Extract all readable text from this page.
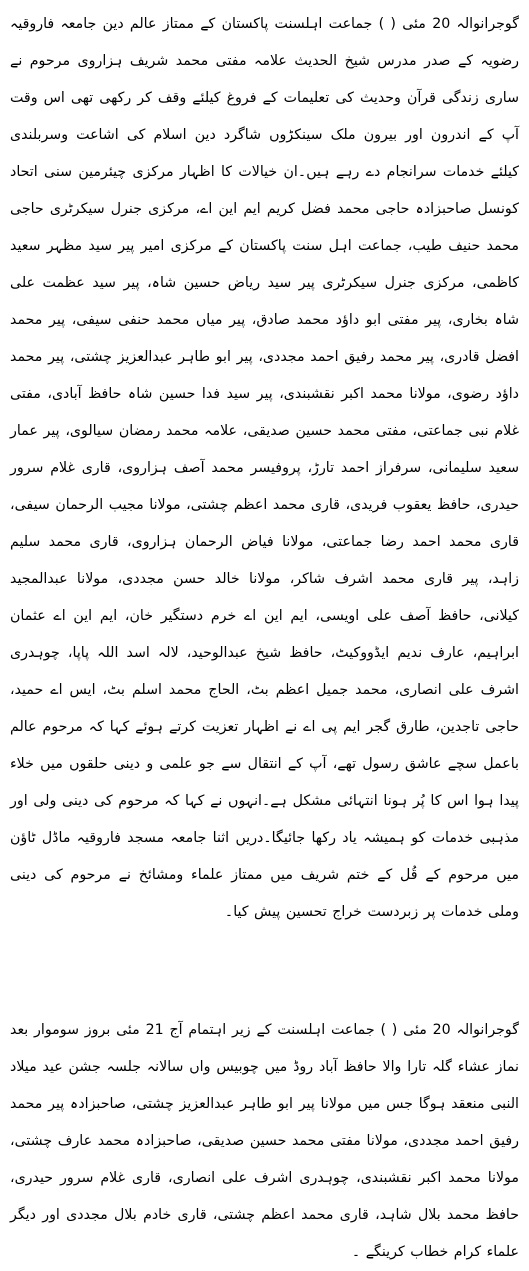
گوجرانوالہ 20 مئی ( ) جماعت اہلسنت پاکستان کے ممتاز عالم دین جامعہ فاروقیہ رضویہ کے صدر مدرس شیخ الحدیث علامہ مفتی محمد شریف ہزاروی مرحوم نے ساری زندگی قرآن وحدیث کی تعلیمات کے فروغ کیلئے وقف کر رکھی تھی اس وقت آپ کے اندرون اور بیرون ملک سینکڑوں شاگرد دین اسلام کی اشاعت وسربلندی کیلئے خدمات سرانجام دے رہے ہیں۔ان خیالات کا اظہار مرکزی چیئرمین سنی اتحاد کونسل صاحبزادہ حاجی محمد فضل کریم ایم این اے، مرکزی جنرل سیکرٹری حاجی محمد حنیف طیب، جماعت اہل سنت پاکستان کے مرکزی امیر پیر سید مظہر سعید کاظمی، مرکزی جنرل سیکرٹری پیر سید ریاض حسین شاہ، پیر سید عظمت علی شاہ بخاری، پیر مفتی ابو داؤد محمد صادق، پیر میاں محمد حنفی سیفی، پیر محمد افضل قادری، پیر محمد رفیق احمد مجددی، پیر ابو طاہر عبدالعزیز چشتی، پیر محمد داؤد رضوی، مولانا محمد اکبر نقشبندی، پیر سید فدا حسین شاہ حافظ آبادی، مفتی غلام نبی جماعتی، مفتی محمد حسین صدیقی، علامہ محمد رمضان سیالوی، پیر عمار سعید سلیمانی، سرفراز احمد تارڑ، پروفیسر محمد آصف ہزاروی، قاری غلام سرور حیدری، حافظ یعقوب فریدی، قاری محمد اعظم چشتی، مولانا مجیب الرحمان سیفی، قاری محمد احمد رضا جماعتی، مولانا فیاض الرحمان ہزاروی، قاری محمد سلیم زاہد، پیر قاری محمد اشرف شاکر، مولانا خالد حسن مجددی، مولانا عبدالمجید کیلانی، حافظ آصف علی اویسی، ایم این اے خرم دستگیر خان، ایم این اے عثمان ابراہیم، عارف ندیم ایڈووکیٹ، حافظ شیخ عبدالوحید، لالہ اسد اللہ پاپا، چوہدری اشرف علی انصاری، محمد جمیل اعظم بٹ، الحاج محمد اسلم بٹ، ایس اے حمید، حاجی تاجدین، طارق گجر ایم پی اے نے اظہار تعزیت کرتے ہوئے کہا کہ مرحوم عالم باعمل سچے عاشق رسول تھے، آپ کے انتقال سے جو علمی و دینی حلقوں میں خلاء پیدا ہوا اس کا پُر ہونا انتہائی مشکل ہے۔انہوں نے کہا کہ مرحوم کی دینی ولی اور مذہبی خدمات کو ہمیشہ یاد رکھا جائیگا۔دریں اثنا جامعہ مسجد فاروقیہ ماڈل ٹاؤن میں مرحوم کے قُل کے ختم شریف میں ممتاز علماء ومشائخ نے مرحوم کی دینی وملی خدمات پر زبردست خراج تحسین پیش کیا۔

گوجرانوالہ 20 مئی ( ) جماعت اہلسنت کے زیر اہتمام آج 21 مئی بروز سوموار بعد نماز عشاء گلہ تارا والا حافظ آباد روڈ میں چوبیس واں سالانہ جلسہ جشن عید میلاد النبی منعقد ہوگا جس میں مولانا پیر ابو طاہر عبدالعزیز چشتی، صاحبزادہ پیر محمد رفیق احمد مجددی، مولانا مفتی محمد حسین صدیقی، صاحبزادہ محمد عارف چشتی، مولانا محمد اکبر نقشبندی، چوہدری اشرف علی انصاری، قاری غلام سرور حیدری، حافظ محمد بلال شاہد، قاری محمد اعظم چشتی، قاری خادم بلال مجددی اور دیگر علماء کرام خطاب کرینگے ۔
